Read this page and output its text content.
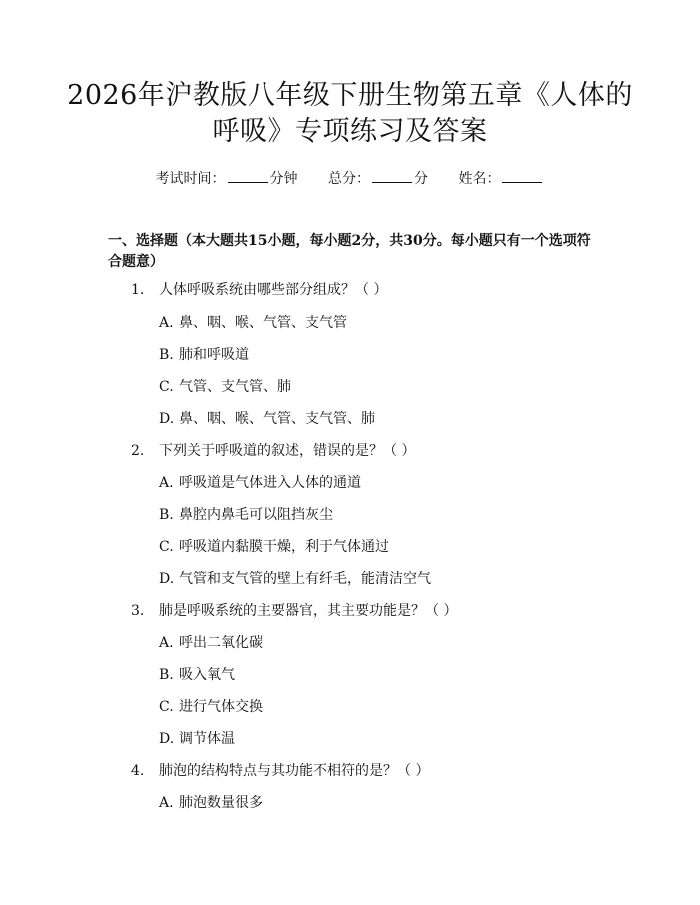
2026年沪教版八年级下册生物第五章《人体的呼吸》专项练习及答案
考试时间：	分钟 总分：	分 姓名：
一、选择题（本大题共15小题，每小题2分，共30分。每小题只有一个选项符合题意）
1. 人体呼吸系统由哪些部分组成？（ ）
A. 鼻、咽、喉、气管、支气管
B. 肺和呼吸道
C. 气管、支气管、肺
D. 鼻、咽、喉、气管、支气管、肺
2. 下列关于呼吸道的叙述，错误的是？（ ）
A. 呼吸道是气体进入人体的通道
B. 鼻腔内鼻毛可以阻挡灰尘
C. 呼吸道内黏膜干燥，利于气体通过
D. 气管和支气管的壁上有纤毛，能清洁空气
3. 肺是呼吸系统的主要器官，其主要功能是？（ ）
A. 呼出二氧化碳
B. 吸入氧气
C. 进行气体交换
D. 调节体温
4. 肺泡的结构特点与其功能不相符的是？（ ）
A. 肺泡数量很多
